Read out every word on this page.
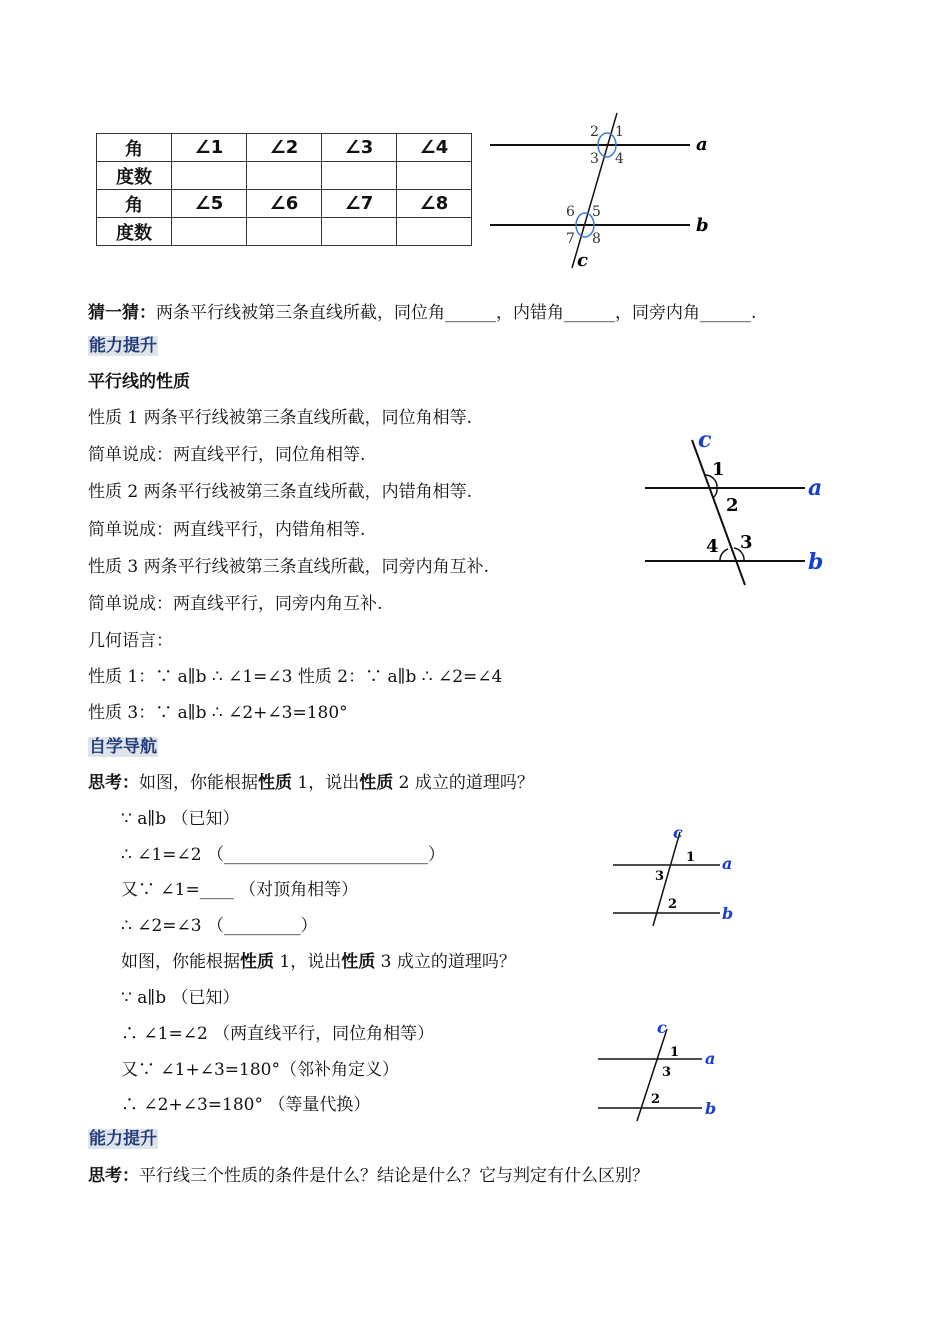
角	∠1	∠2	∠3	∠4
度数				
角	∠5	∠6	∠7	∠8
度数				
2 1
3 4
6 5
7 8
a
b
c
猜一猜：两条平行线被第三条直线所截，同位角______，内错角______，同旁内角______.
能力提升
平行线的性质
性质 1 两条平行线被第三条直线所截，同位角相等.
简单说成：两直线平行，同位角相等.
性质 2 两条平行线被第三条直线所截，内错角相等.
简单说成：两直线平行，内错角相等.
性质 3 两条平行线被第三条直线所截，同旁内角互补.
简单说成：两直线平行，同旁内角互补.
几何语言：
性质 1：∵ a∥b ∴ ∠1=∠3 性质 2：∵ a∥b ∴ ∠2=∠4
性质 3：∵ a∥b ∴ ∠2+∠3=180°
1
2
4 3
c
a
b
自学导航
思考：如图，你能根据性质 1，说出性质 2 成立的道理吗？
∵ a∥b （已知）
∴ ∠1=∠2 （________________________）
又∵ ∠1=____ （对顶角相等）
∴ ∠2=∠3 （_________）
如图，你能根据性质 1，说出性质 3 成立的道理吗？
∵ a∥b （已知）
∴ ∠1=∠2 （两直线平行，同位角相等）
又∵ ∠1+∠3=180°（邻补角定义）
∴ ∠2+∠3=180° （等量代换）
1
3
2
c
a
b
1
3
2
c
a
b
能力提升
思考：平行线三个性质的条件是什么？结论是什么？它与判定有什么区别？
